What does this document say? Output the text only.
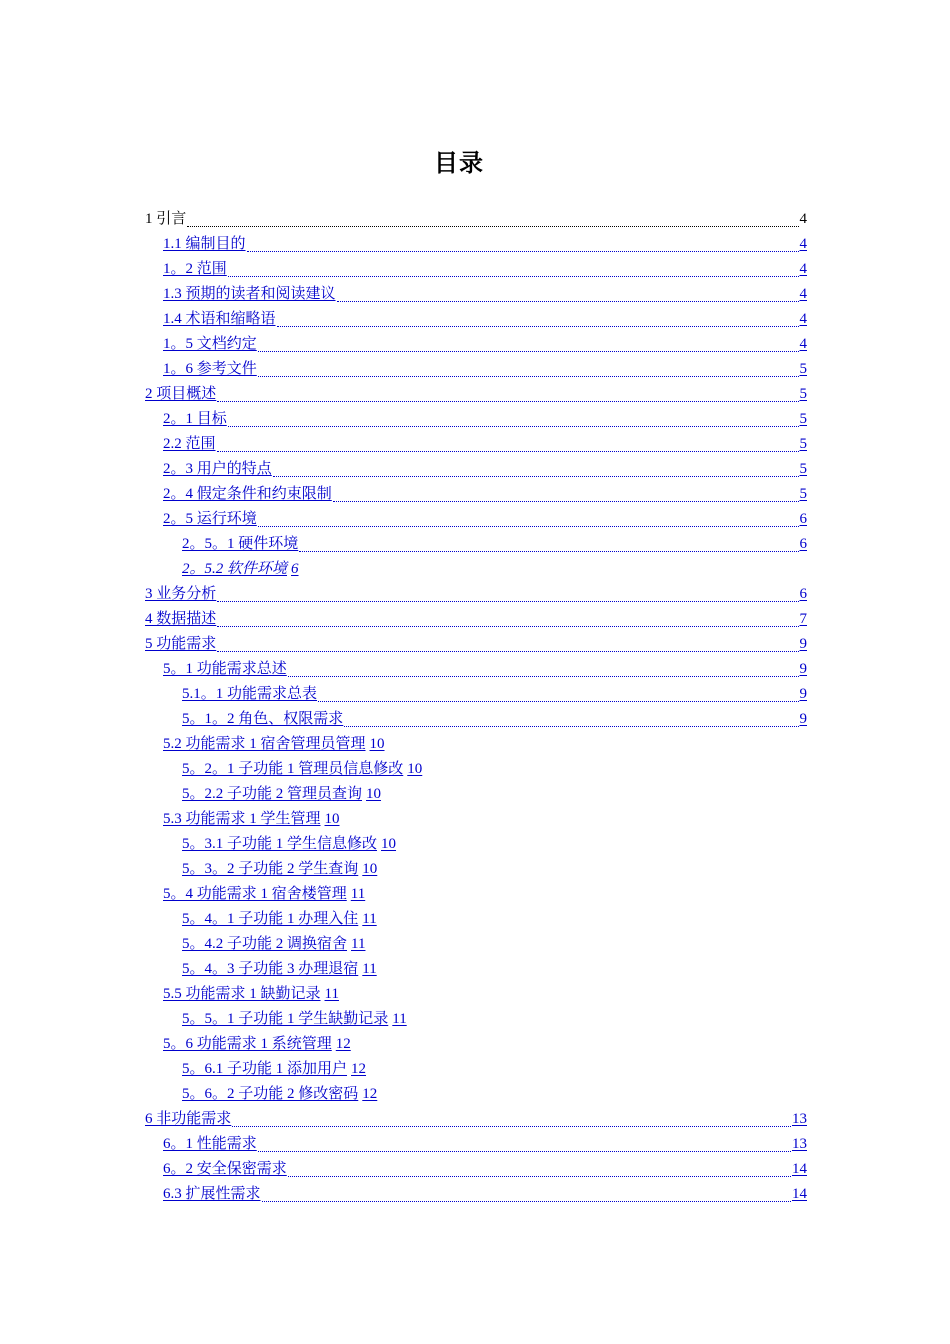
目录
1 引言	4
1.1 编制目的	4
1。2 范围	4
1.3 预期的读者和阅读建议	4
1.4 术语和缩略语	4
1。5 文档约定	4
1。6 参考文件	5
2 项目概述	5
2。1 目标	5
2.2 范围	5
2。3 用户的特点	5
2。4 假定条件和约束限制	5
2。5 运行环境	6
2。5。1 硬件环境	6
2。5.2 软件环境 6
3 业务分析	6
4 数据描述	7
5 功能需求	9
5。1 功能需求总述	9
5.1。1 功能需求总表	9
5。1。2 角色、权限需求	9
5.2 功能需求 1 宿舍管理员管理 10
5。2。1 子功能 1 管理员信息修改 10
5。2.2 子功能 2 管理员查询 10
5.3 功能需求 1 学生管理 10
5。3.1 子功能 1 学生信息修改 10
5。3。2 子功能 2 学生查询 10
5。4 功能需求 1 宿舍楼管理 11
5。4。1 子功能 1 办理入住 11
5。4.2 子功能 2 调换宿舍 11
5。4。3 子功能 3 办理退宿 11
5.5 功能需求 1 缺勤记录 11
5。5。1 子功能 1 学生缺勤记录 11
5。6 功能需求 1 系统管理 12
5。6.1 子功能 1 添加用户 12
5。6。2 子功能 2 修改密码 12
6 非功能需求	13
6。1 性能需求	13
6。2 安全保密需求	14
6.3 扩展性需求	14
